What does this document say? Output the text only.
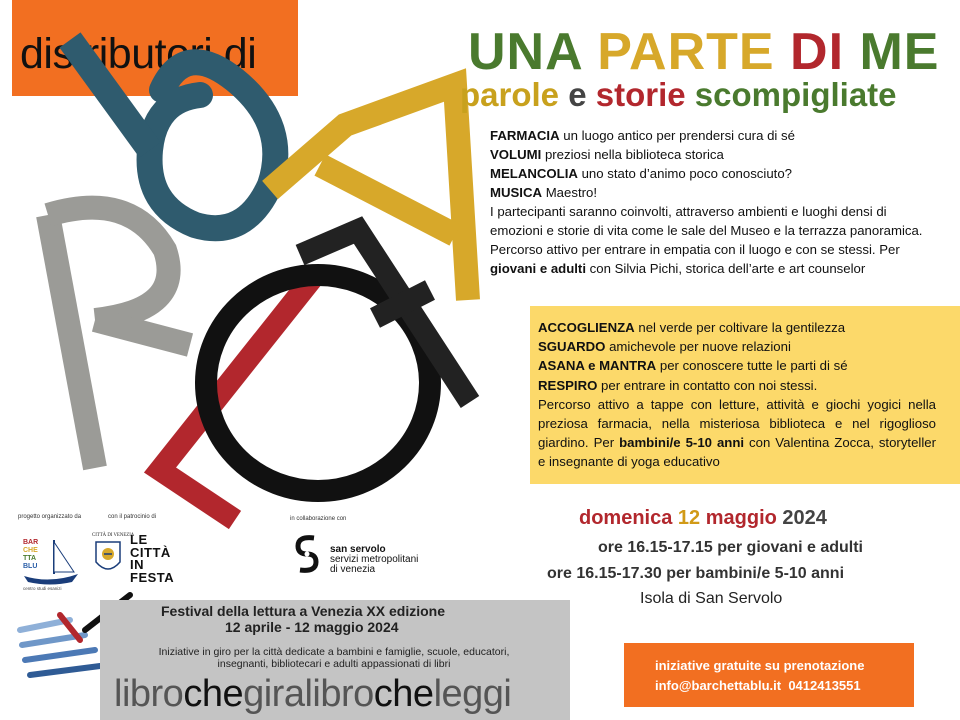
distributori di	UNA PARTE DI ME
parole e storie scompigliate
FARMACIA un luogo antico per prendersi cura di sé
VOLUMI preziosi nella biblioteca storica
MELANCOLIA uno stato d’animo poco conosciuto?
MUSICA Maestro!
I partecipanti saranno coinvolti, attraverso ambienti e luoghi densi di emozioni e storie di vita come le sale del Museo e la terrazza panoramica. Percorso attivo per entrare in empatia con il luogo e con se stessi. Per giovani e adulti con Silvia Pichi, storica dell’arte e art counselor
ACCOGLIENZA nel verde per coltivare la gentilezza
SGUARDO amichevole per nuove relazioni
ASANA e MANTRA per conoscere tutte le parti di sé
RESPIRO per entrare in contatto con noi stessi.
Percorso attivo a tappe con letture, attività e giochi yogici nella preziosa farmacia, nella misteriosa biblioteca e nel rigoglioso giardino. Per bambini/e 5-10 anni con Valentina Zocca, storyteller e insegnante di yoga educativo
domenica 12 maggio 2024
ore 16.15-17.15 per giovani e adulti
ore 16.15-17.30 per bambini/e 5-10 anni
Isola di San Servolo
progetto organizzato da	con il patrocinio di	in collaborazione con
BAR
CHE
TTA
BLU
centro studi esanizi
CITTÀ DI VENEZIA
LE
CITTÀ
IN
FESTA
san servolo
servizi metropolitani
di venezia
Festival della lettura a Venezia XX edizione
12 aprile - 12 maggio 2024
Iniziative in giro per la città dedicate a bambini e famiglie, scuole, educatori, insegnanti, bibliotecari e adulti appassionati di libri
librochegiralibrocheleggi
iniziative gratuite su prenotazione
info@barchettablu.it 0412413551
